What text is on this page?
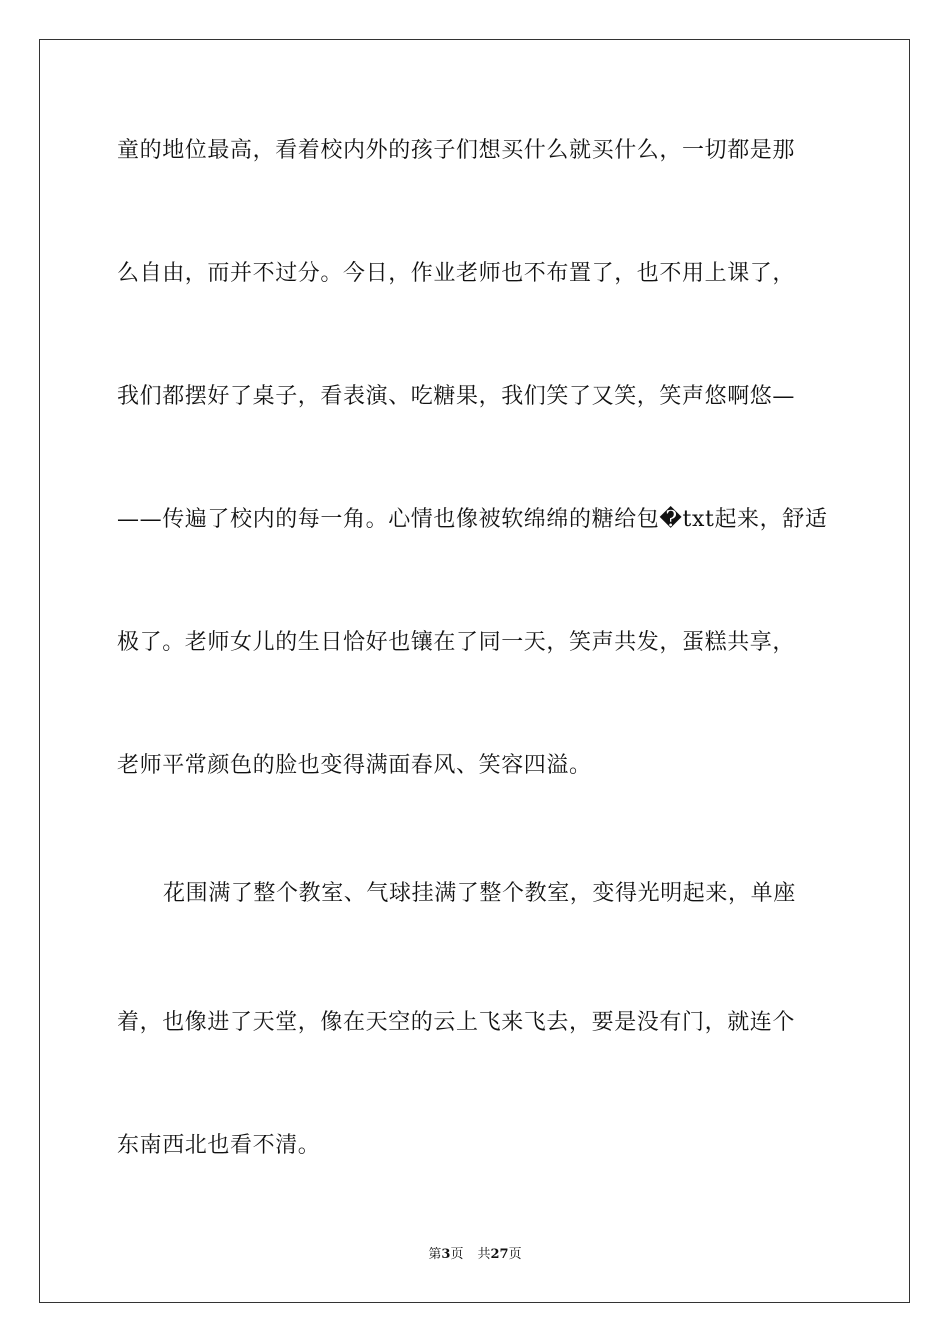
童的地位最高，看着校内外的孩子们想买什么就买什么，一切都是那
么自由，而并不过分。今日，作业老师也不布置了，也不用上课了，
我们都摆好了桌子，看表演、吃糖果，我们笑了又笑，笑声悠啊悠—
——传遍了校内的每一角。心情也像被软绵绵的糖给包�txt起来，舒适
极了。老师女儿的生日恰好也镶在了同一天，笑声共发，蛋糕共享，
老师平常颜色的脸也变得满面春风、笑容四溢。
花围满了整个教室、气球挂满了整个教室，变得光明起来，单座
着，也像进了天堂，像在天空的云上飞来飞去，要是没有门，就连个
东南西北也看不清。
第3页 共27页
